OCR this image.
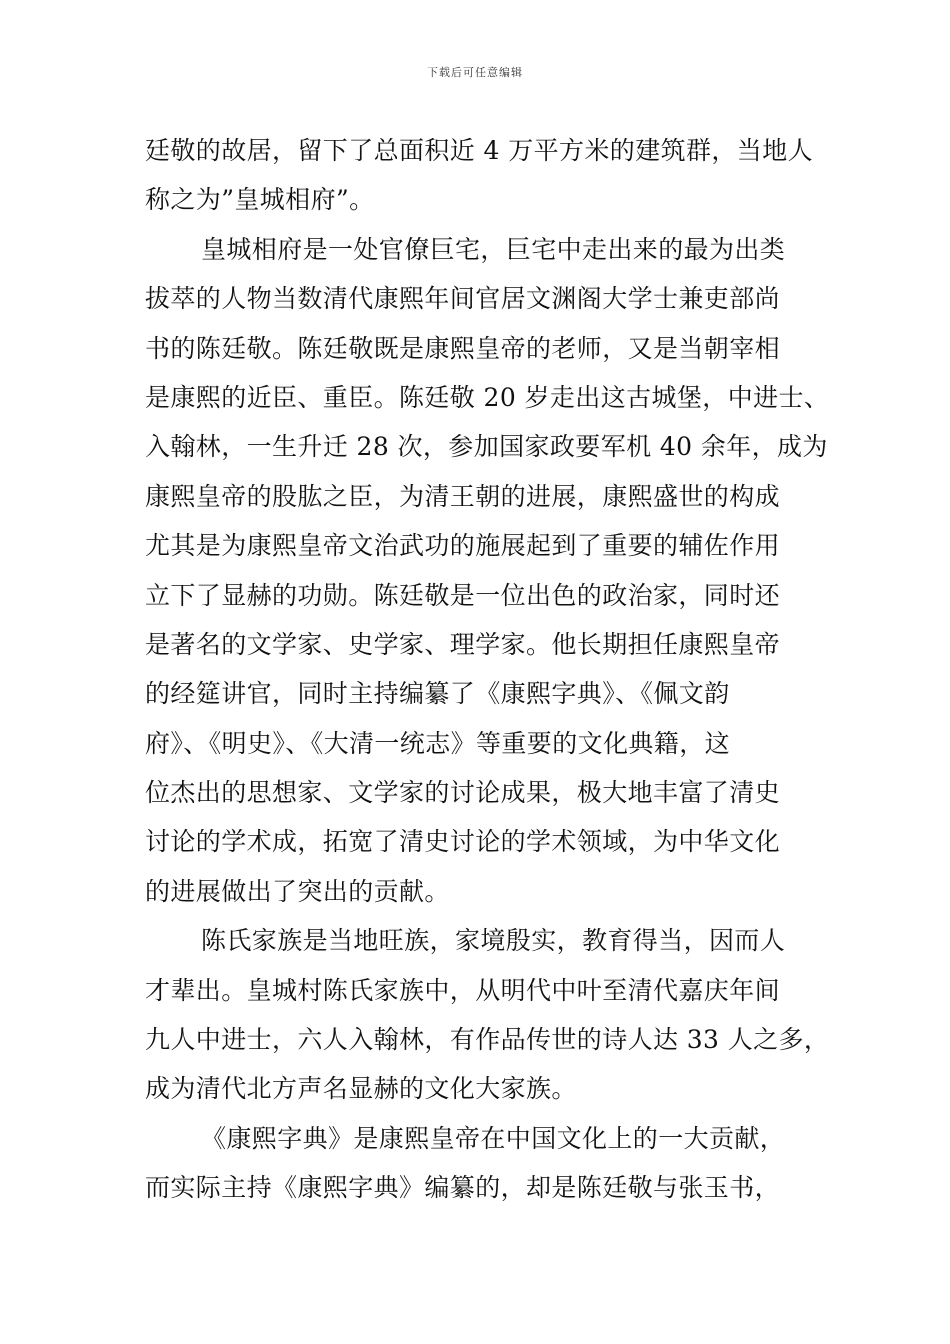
下载后可任意编辑
廷敬的故居，留下了总面积近 4 万平方米的建筑群，当地人
称之为”皇城相府”。
皇城相府是一处官僚巨宅，巨宅中走出来的最为出类
拔萃的人物当数清代康熙年间官居文渊阁大学士兼吏部尚
书的陈廷敬。陈廷敬既是康熙皇帝的老师，又是当朝宰相
是康熙的近臣、重臣。陈廷敬 20 岁走出这古城堡，中进士、
入翰林，一生升迁 28 次，参加国家政要军机 40 余年，成为
康熙皇帝的股肱之臣，为清王朝的进展，康熙盛世的构成
尤其是为康熙皇帝文治武功的施展起到了重要的辅佐作用
立下了显赫的功勋。陈廷敬是一位出色的政治家，同时还
是著名的文学家、史学家、理学家。他长期担任康熙皇帝
的经筵讲官，同时主持编纂了《康熙字典》、《佩文韵
府》、《明史》、《大清一统志》等重要的文化典籍，这
位杰出的思想家、文学家的讨论成果，极大地丰富了清史
讨论的学术成，拓宽了清史讨论的学术领域，为中华文化
的进展做出了突出的贡献。
陈氏家族是当地旺族，家境殷实，教育得当，因而人
才辈出。皇城村陈氏家族中，从明代中叶至清代嘉庆年间
九人中进士，六人入翰林，有作品传世的诗人达 33 人之多，
成为清代北方声名显赫的文化大家族。
《康熙字典》是康熙皇帝在中国文化上的一大贡献，
而实际主持《康熙字典》编纂的，却是陈廷敬与张玉书，
